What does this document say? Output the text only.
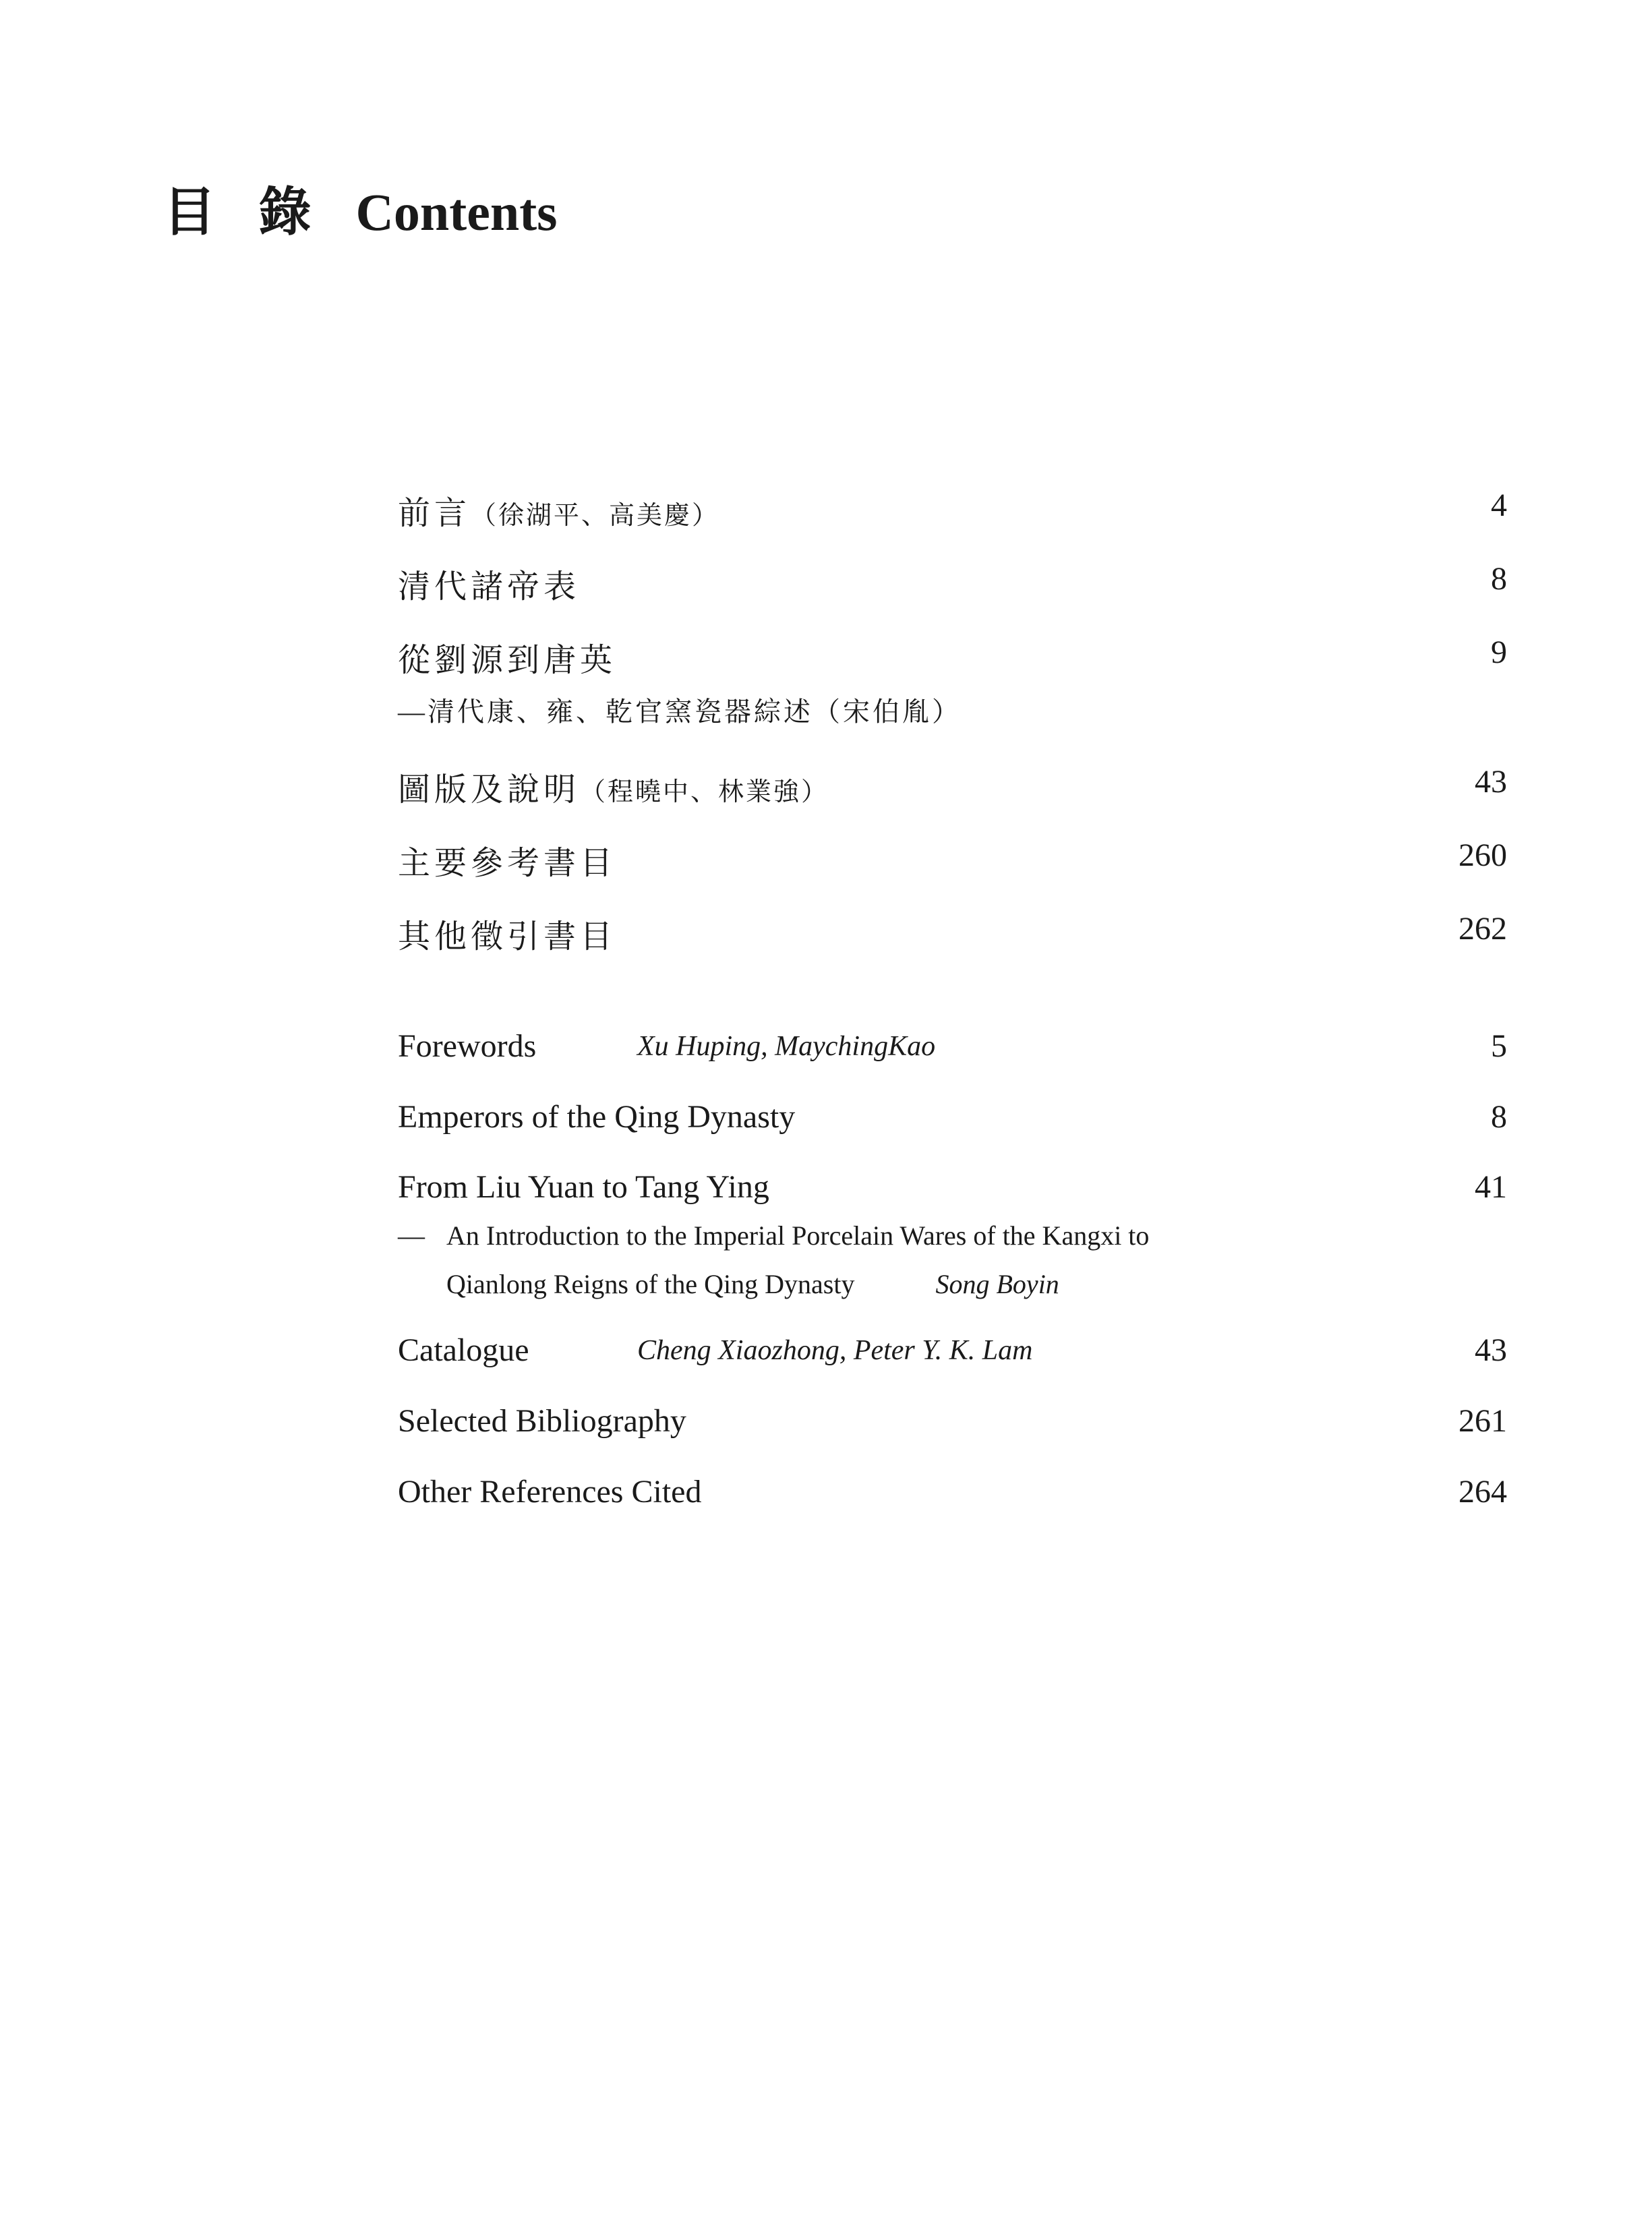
目 錄 Contents
前言（徐湖平、高美慶）	4
清代諸帝表	8
從劉源到唐英	9
—清代康、雍、乾官窯瓷器綜述（宋伯胤）
圖版及說明（程曉中、林業強）	43
主要參考書目	260
其他徵引書目	262
Forewords	Xu Huping, MaychingKao	5
Emperors of the Qing Dynasty	8
From Liu Yuan to Tang Ying	41
— An Introduction to the Imperial Porcelain Wares of the Kangxi to
Qianlong Reigns of the Qing Dynasty	Song Boyin
Catalogue	Cheng Xiaozhong, Peter Y. K. Lam	43
Selected Bibliography	261
Other References Cited	264
